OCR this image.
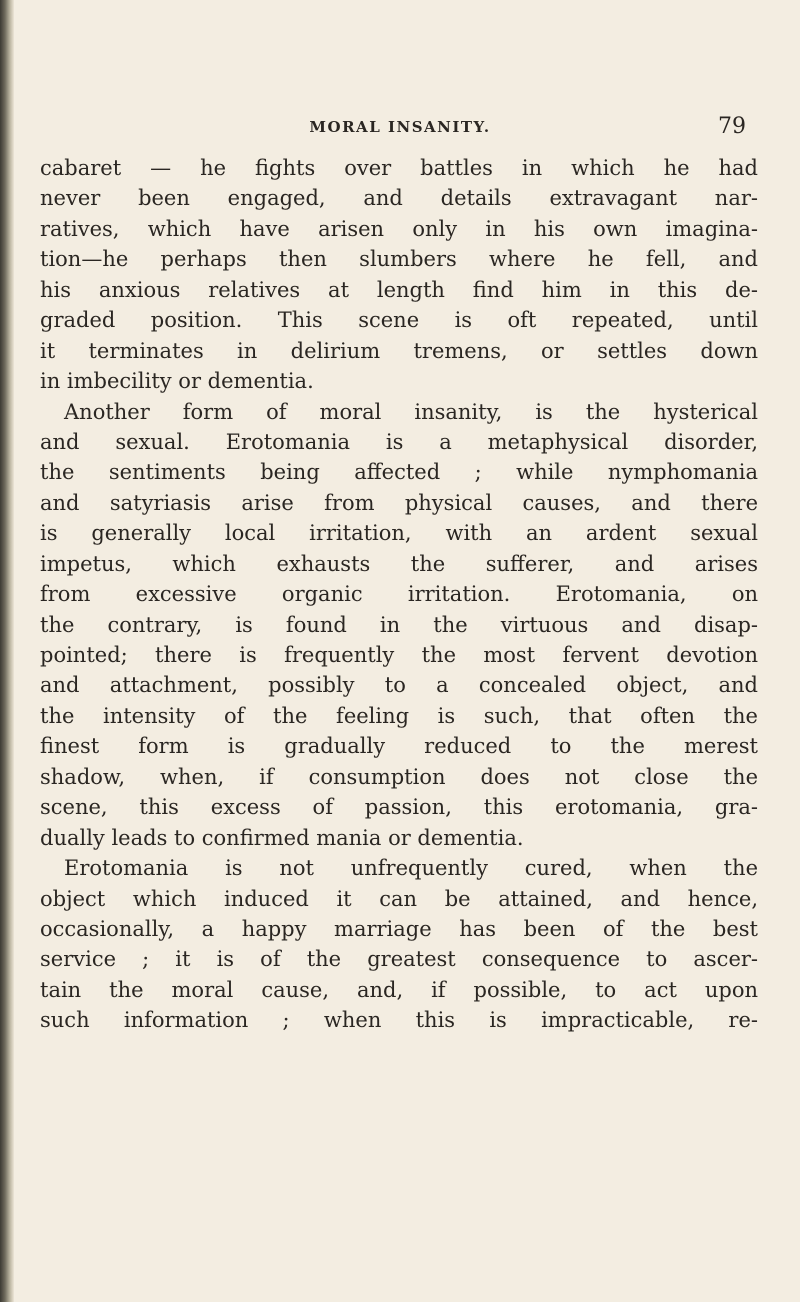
MORAL INSANITY.	79
cabaret — he fights over battles in which he had
never been engaged, and details extravagant nar-
ratives, which have arisen only in his own imagina-
tion—he perhaps then slumbers where he fell, and
his anxious relatives at length find him in this de-
graded position. This scene is oft repeated, until
it terminates in delirium tremens, or settles down
in imbecility or dementia.
Another form of moral insanity, is the hysterical
and sexual. Erotomania is a metaphysical disorder,
the sentiments being affected ; while nymphomania
and satyriasis arise from physical causes, and there
is generally local irritation, with an ardent sexual
impetus, which exhausts the sufferer, and arises
from excessive organic irritation. Erotomania, on
the contrary, is found in the virtuous and disap-
pointed; there is frequently the most fervent devotion
and attachment, possibly to a concealed object, and
the intensity of the feeling is such, that often the
finest form is gradually reduced to the merest
shadow, when, if consumption does not close the
scene, this excess of passion, this erotomania, gra-
dually leads to confirmed mania or dementia.
Erotomania is not unfrequently cured, when the
object which induced it can be attained, and hence,
occasionally, a happy marriage has been of the best
service ; it is of the greatest consequence to ascer-
tain the moral cause, and, if possible, to act upon
such information ; when this is impracticable, re-
